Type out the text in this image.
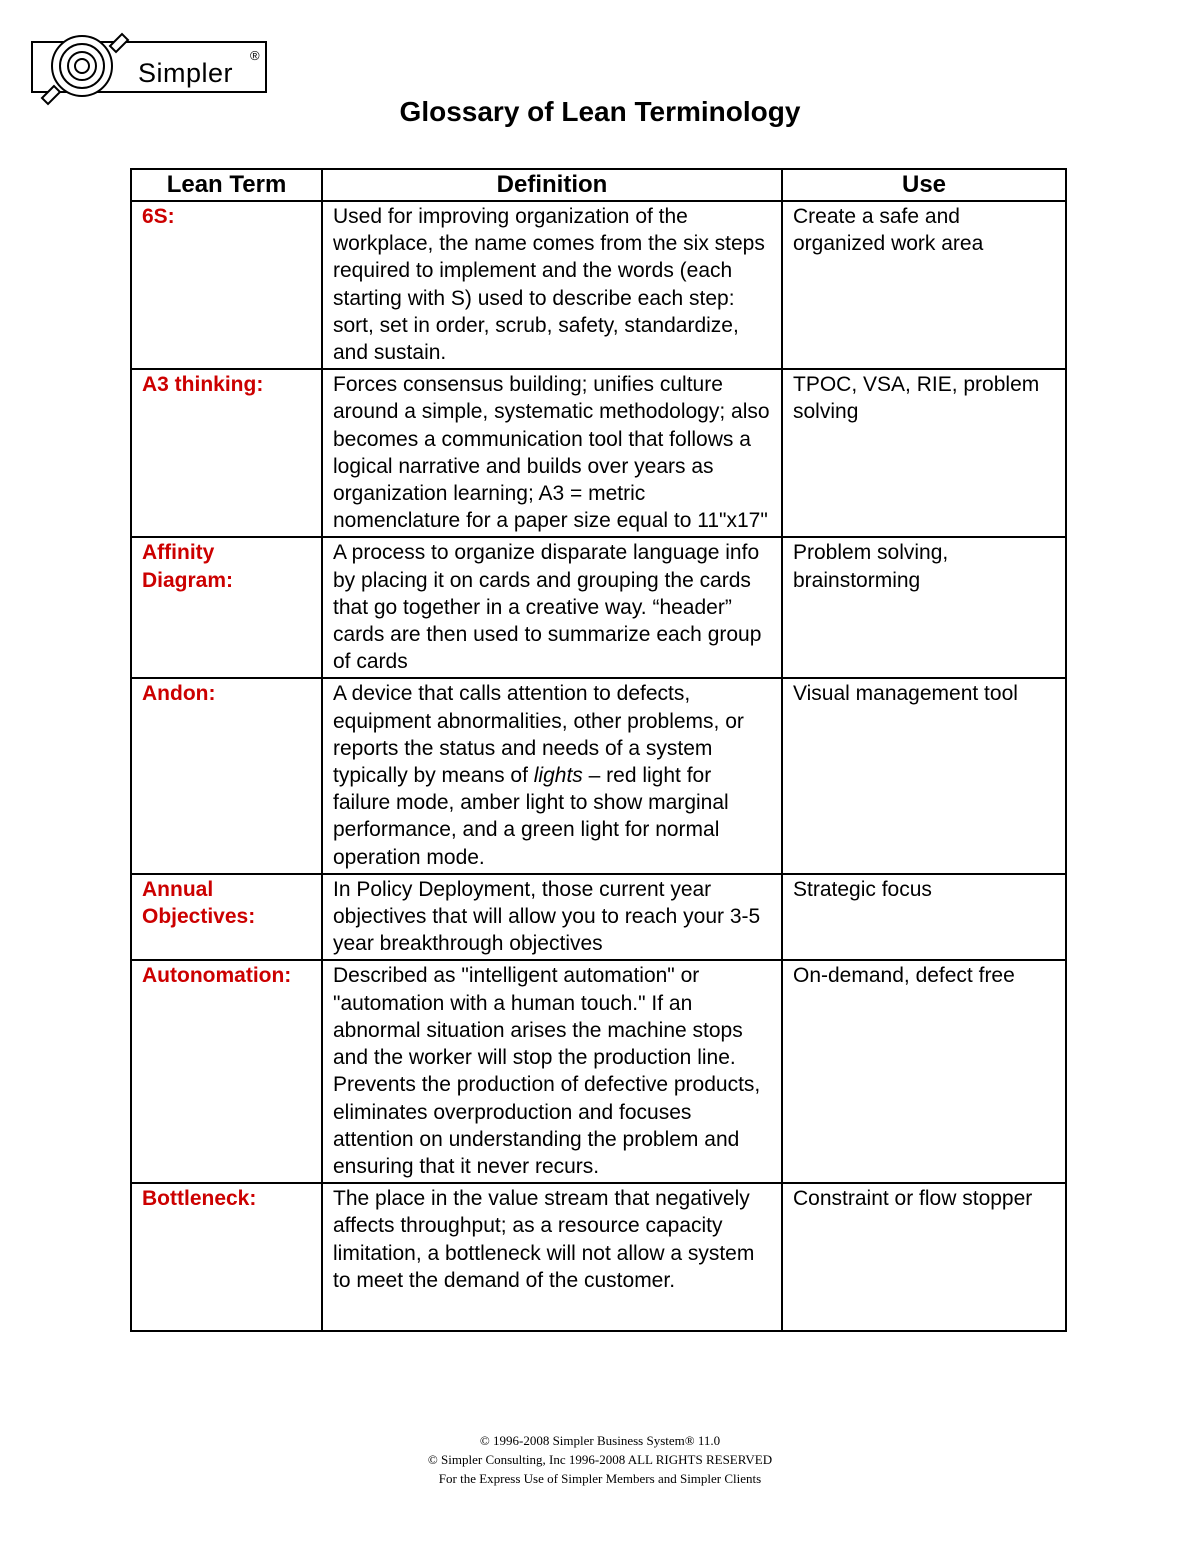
Simpler
®
Glossary of Lean Terminology
Lean Term	Definition	Use
6S:	Used for improving organization of the workplace, the name comes from the six steps required to implement and the words (each starting with S) used to describe each step: sort, set in order, scrub, safety, standardize, and sustain.	Create a safe and organized work area
A3 thinking:	Forces consensus building; unifies culture around a simple, systematic methodology; also becomes a communication tool that follows a logical narrative and builds over years as organization learning; A3 = metric nomenclature for a paper size equal to 11"x17"	TPOC, VSA, RIE, problem solving
Affinity Diagram:	A process to organize disparate language info by placing it on cards and grouping the cards that go together in a creative way. “header” cards are then used to summarize each group of cards	Problem solving, brainstorming
Andon:	A device that calls attention to defects, equipment abnormalities, other problems, or reports the status and needs of a system typically by means of lights – red light for failure mode, amber light to show marginal performance, and a green light for normal operation mode.	Visual management tool
Annual Objectives:	In Policy Deployment, those current year objectives that will allow you to reach your 3-5 year breakthrough objectives	Strategic focus
Autonomation:	Described as "intelligent automation" or "automation with a human touch." If an abnormal situation arises the machine stops and the worker will stop the production line. Prevents the production of defective products, eliminates overproduction and focuses attention on understanding the problem and ensuring that it never recurs.	On-demand, defect free
Bottleneck:	The place in the value stream that negatively affects throughput; as a resource capacity limitation, a bottleneck will not allow a system to meet the demand of the customer.	Constraint or flow stopper
© 1996-2008 Simpler Business System® 11.0
© Simpler Consulting, Inc 1996-2008 ALL RIGHTS RESERVED
For the Express Use of Simpler Members and Simpler Clients
